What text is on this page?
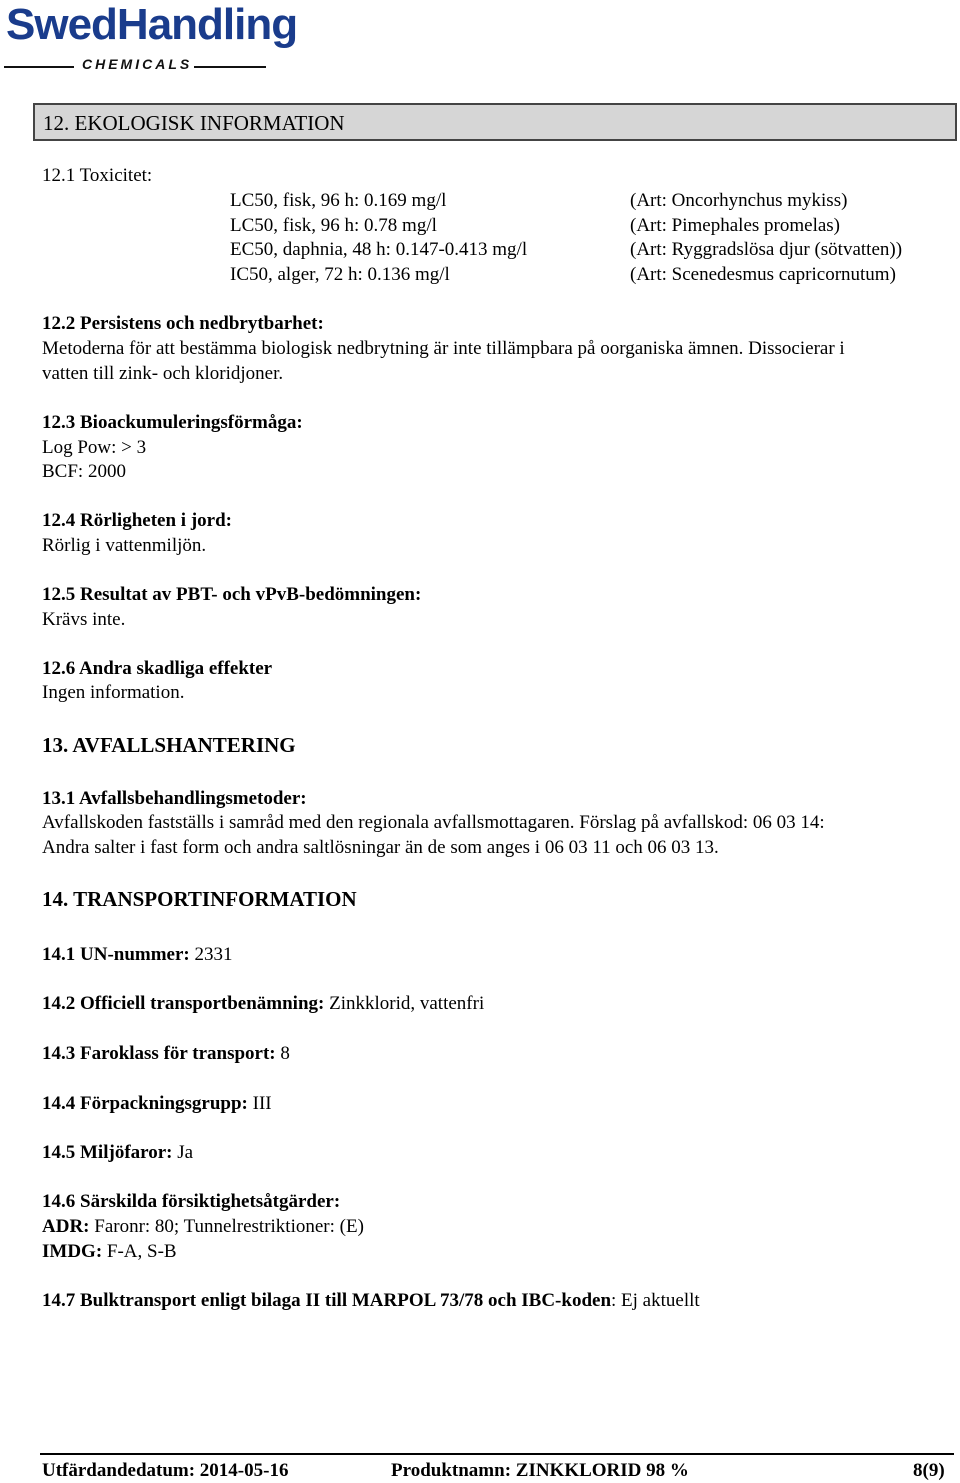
SwedHandling
CHEMICALS
12. EKOLOGISK INFORMATION
12.1 Toxicitet:
LC50, fisk, 96 h: 0.169 mg/l	(Art: Oncorhynchus mykiss)
LC50, fisk, 96 h: 0.78 mg/l	(Art: Pimephales promelas)
EC50, daphnia, 48 h: 0.147-0.413 mg/l	(Art: Ryggradslösa djur (sötvatten))
IC50, alger, 72 h: 0.136 mg/l	(Art: Scenedesmus capricornutum)
12.2 Persistens och nedbrytbarhet:
Metoderna för att bestämma biologisk nedbrytning är inte tillämpbara på oorganiska ämnen. Dissocierar i
vatten till zink- och kloridjoner.
12.3 Bioackumuleringsförmåga:
Log Pow: > 3
BCF: 2000
12.4 Rörligheten i jord:
Rörlig i vattenmiljön.
12.5 Resultat av PBT- och vPvB-bedömningen:
Krävs inte.
12.6 Andra skadliga effekter
Ingen information.
13. AVFALLSHANTERING
13.1 Avfallsbehandlingsmetoder:
Avfallskoden fastställs i samråd med den regionala avfallsmottagaren. Förslag på avfallskod: 06 03 14:
Andra salter i fast form och andra saltlösningar än de som anges i 06 03 11 och 06 03 13.
14. TRANSPORTINFORMATION
14.1 UN-nummer: 2331
14.2 Officiell transportbenämning: Zinkklorid, vattenfri
14.3 Faroklass för transport: 8
14.4 Förpackningsgrupp: III
14.5 Miljöfaror: Ja
14.6 Särskilda försiktighetsåtgärder:
ADR: Faronr: 80; Tunnelrestriktioner: (E)
IMDG: F-A, S-B
14.7 Bulktransport enligt bilaga II till MARPOL 73/78 och IBC-koden: Ej aktuellt
Utfärdandedatum: 2014-05-16	Produktnamn: ZINKKLORID 98 %	8(9)
